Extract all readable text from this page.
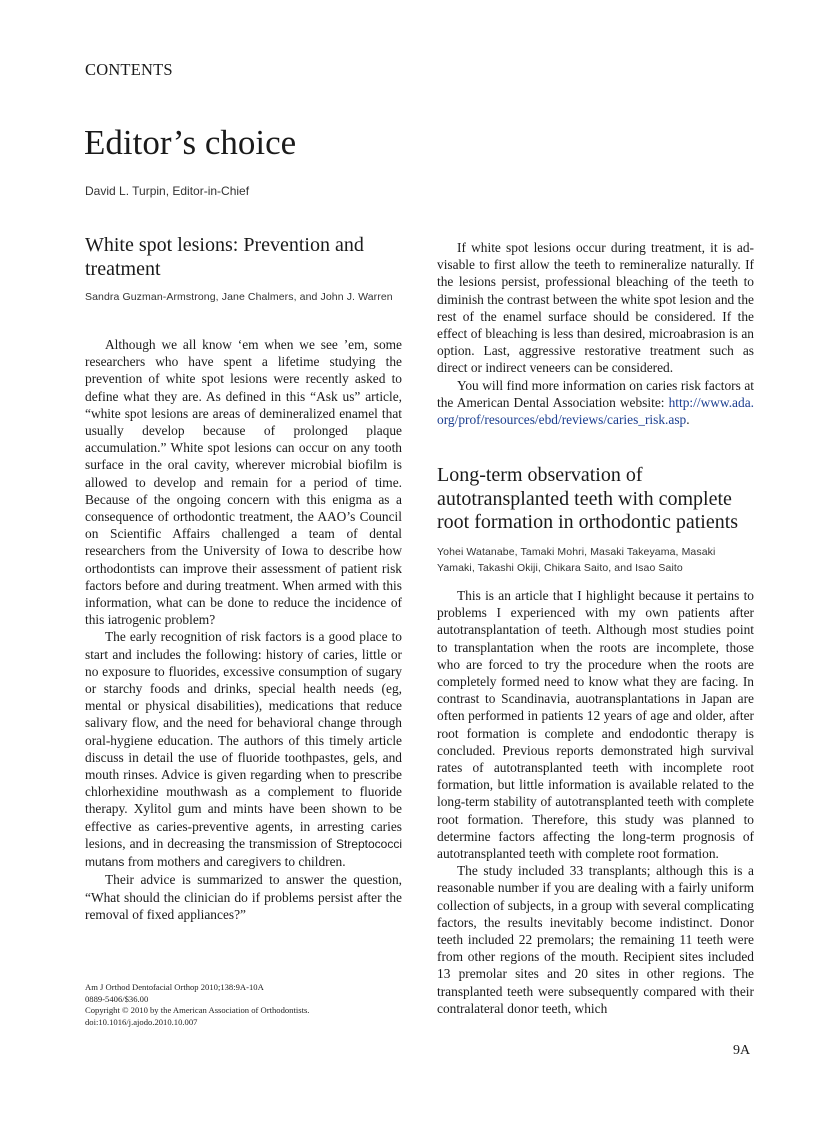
CONTENTS
Editor’s choice
David L. Turpin, Editor-in-Chief
White spot lesions: Prevention and treatment
Sandra Guzman-Armstrong, Jane Chalmers, and John J. Warren

Although we all know ‘em when we see ’em, some researchers who have spent a lifetime studying the prevention of white spot lesions were recently asked to define what they are. As defined in this “Ask us” article, “white spot lesions are areas of demineralized enamel that usually develop because of prolonged plaque accumulation.” White spot lesions can occur on any tooth surface in the oral cavity, wherever microbial biofilm is allowed to develop and remain for a period of time. Because of the ongoing concern with this enigma as a consequence of orthodontic treatment, the AAO’s Council on Scientific Affairs challenged a team of dental researchers from the University of Iowa to describe how orthodontists can improve their assessment of patient risk factors before and during treatment. When armed with this information, what can be done to reduce the incidence of this iatrogenic problem?

The early recognition of risk factors is a good place to start and includes the following: history of caries, little or no exposure to fluorides, excessive consumption of sugary or starchy foods and drinks, special health needs (eg, mental or physical disabilities), medications that reduce salivary flow, and the need for behavioral change through oral-hygiene education. The authors of this timely article discuss in detail the use of fluoride toothpastes, gels, and mouth rinses. Advice is given regarding when to prescribe chlorhexidine mouthwash as a complement to fluoride therapy. Xylitol gum and mints have been shown to be effective as caries-preventive agents, in arresting caries lesions, and in decreasing the transmission of Streptococci mutans from mothers and caregivers to children.

Their advice is summarized to answer the question, “What should the clinician do if problems persist after the removal of fixed appliances?”

Am J Orthod Dentofacial Orthop 2010;138:9A-10A
0889-5406/$36.00
Copyright © 2010 by the American Association of Orthodontists.
doi:10.1016/j.ajodo.2010.10.007

If white spot lesions occur during treatment, it is advisable to first allow the teeth to remineralize naturally. If the lesions persist, professional bleaching of the teeth to diminish the contrast between the white spot lesion and the rest of the enamel surface should be considered. If the effect of bleaching is less than desired, microabrasion is an option. Last, aggressive restorative treatment such as direct or indirect veneers can be considered.

You will find more information on caries risk factors at the American Dental Association website: http://www.ada.org/prof/resources/ebd/reviews/caries_risk.asp.

Long-term observation of autotransplanted teeth with complete root formation in orthodontic patients
Yohei Watanabe, Tamaki Mohri, Masaki Takeyama, Masaki Yamaki, Takashi Okiji, Chikara Saito, and Isao Saito

This is an article that I highlight because it pertains to problems I experienced with my own patients after autotransplantation of teeth. Although most studies point to transplantation when the roots are incomplete, those who are forced to try the procedure when the roots are completely formed need to know what they are facing. In contrast to Scandinavia, auotransplantations in Japan are often performed in patients 12 years of age and older, after root formation is complete and endodontic therapy is concluded. Previous reports demonstrated high survival rates of autotransplanted teeth with incomplete root formation, but little information is available related to the long-term stability of autotransplanted teeth with complete root formation. Therefore, this study was planned to determine factors affecting the long-term prognosis of autotransplanted teeth with complete root formation.

The study included 33 transplants; although this is a reasonable number if you are dealing with a fairly uniform collection of subjects, in a group with several complicating factors, the results inevitably become indistinct. Donor teeth included 22 premolars; the remaining 11 teeth were from other regions of the mouth. Recipient sites included 13 premolar sites and 20 sites in other regions. The transplanted teeth were subsequently compared with their contralateral donor teeth, which

9A
